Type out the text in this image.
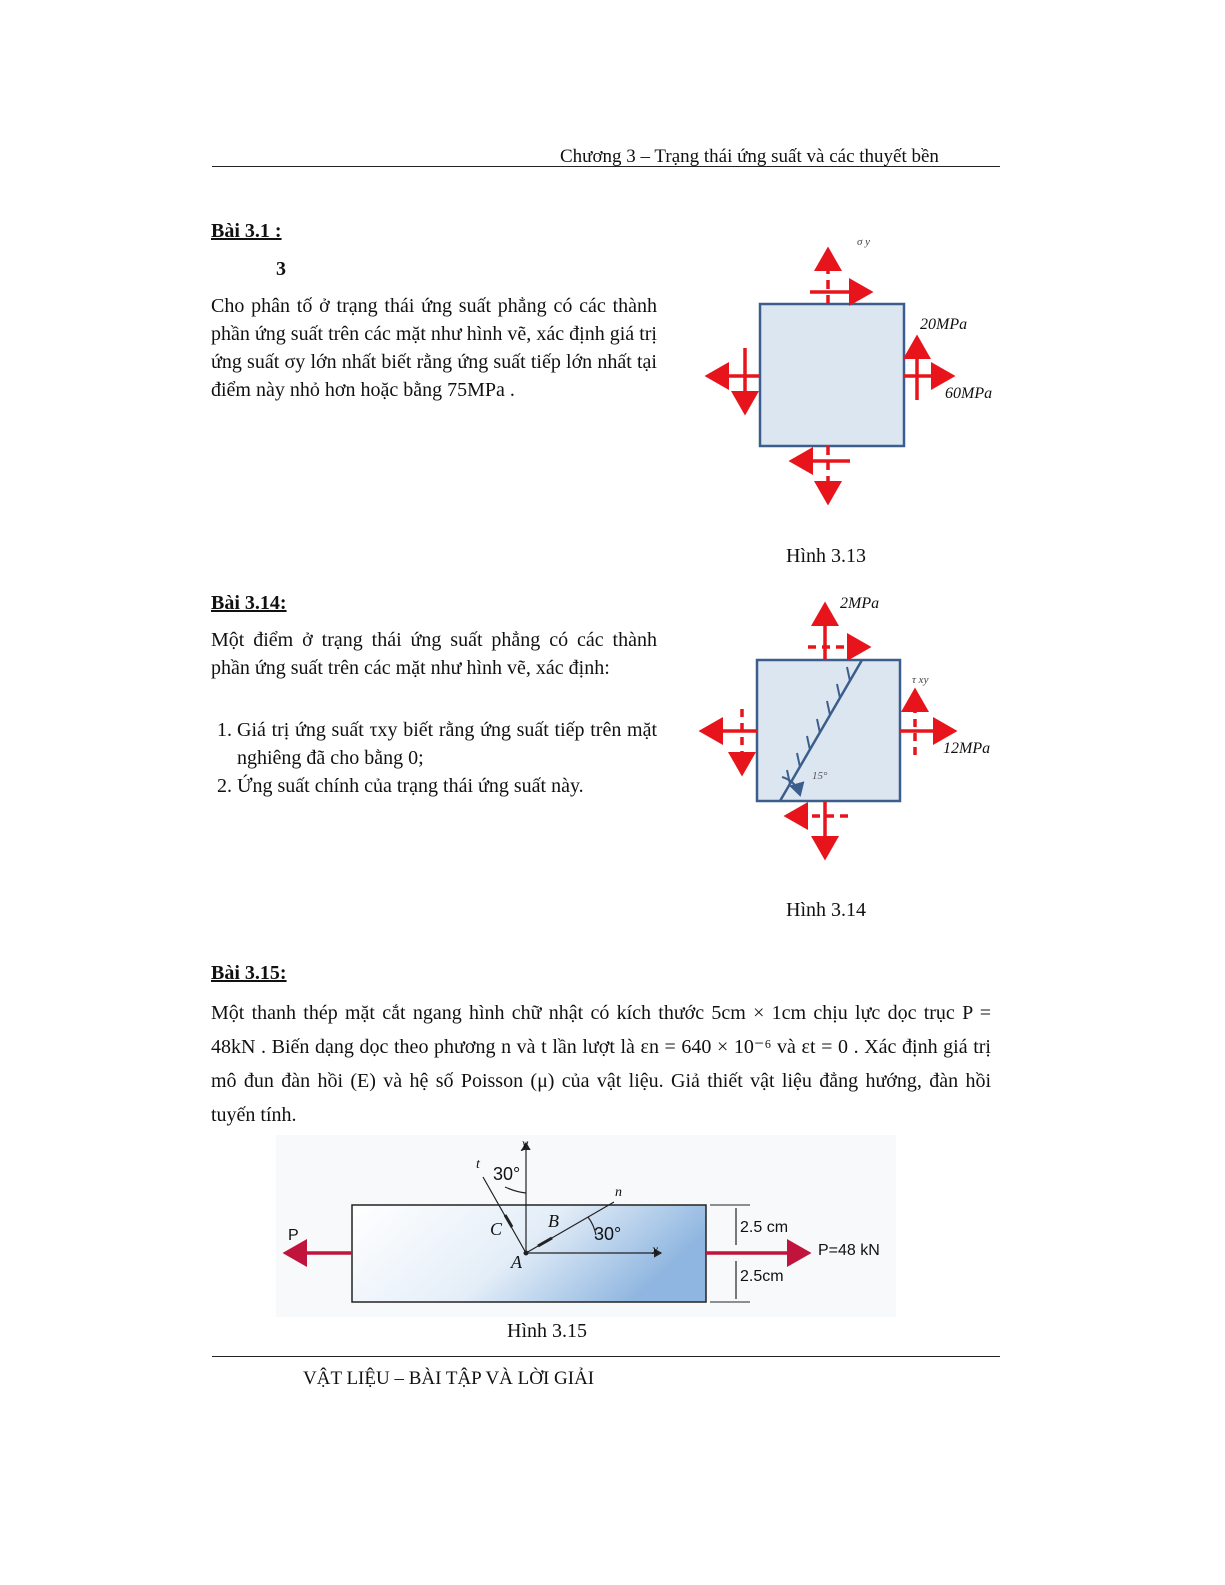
Chương 3 – Trạng thái ứng suất và các thuyết bền
Bài 3.1 :
3
Cho phân tố ở trạng thái ứng suất phẳng có các thành phần ứng suất trên các mặt như hình vẽ, xác định giá trị ứng suất σy lớn nhất biết rằng ứng suất tiếp lớn nhất tại điểm này nhỏ hơn hoặc bằng 75MPa .
σ y
20MPa
60MPa
Hình 3.13
Bài 3.14:
Một điểm ở trạng thái ứng suất phẳng có các thành phần ứng suất trên các mặt như hình vẽ, xác định:
1. Giá trị ứng suất τxy biết rằng ứng suất tiếp trên mặt nghiêng đã cho bằng 0;
2. Ứng suất chính của trạng thái ứng suất này.
2MPa
τ xy
12MPa
15°
Hình 3.14
Bài 3.15:
Một thanh thép mặt cắt ngang hình chữ nhật có kích thước 5cm × 1cm chịu lực dọc trục P = 48kN . Biến dạng dọc theo phương n và t lần lượt là εn = 640 × 10⁻⁶ và εt = 0 . Xác định giá trị mô đun đàn hồi (E) và hệ số Poisson (μ) của vật liệu. Giả thiết vật liệu đẳng hướng, đàn hồi tuyến tính.
y
t
n
x
30°
30°
A
B
C
P
P=48 kN
2.5 cm
2.5cm
Hình 3.15
VẬT LIỆU – BÀI TẬP VÀ LỜI GIẢI
